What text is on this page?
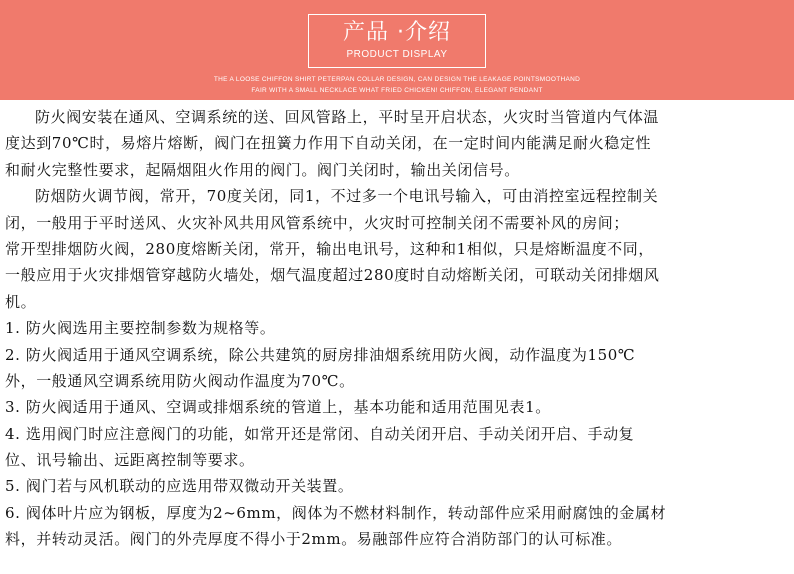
产品 ·介绍
PRODUCT DISPLAY
THE A LOOSE CHIFFON SHIRT PETERPAN COLLAR DESIGN, CAN DESIGN THE LEAKAGE POINTSMOOTHAND
FAIR WITH A SMALL NECKLACE WHAT FRIED CHICKEN! CHIFFON, ELEGANT PENDANT
防火阀安装在通风、空调系统的送、回风管路上，平时呈开启状态，火灾时当管道内气体温
度达到70℃时，易熔片熔断，阀门在扭簧力作用下自动关闭，在一定时间内能满足耐火稳定性
和耐火完整性要求，起隔烟阻火作用的阀门。阀门关闭时，输出关闭信号。
防烟防火调节阀，常开，70度关闭，同1，不过多一个电讯号输入，可由消控室远程控制关
闭，一般用于平时送风、火灾补风共用风管系统中，火灾时可控制关闭不需要补风的房间；
常开型排烟防火阀，280度熔断关闭，常开，输出电讯号，这种和1相似，只是熔断温度不同，
一般应用于火灾排烟管穿越防火墙处，烟气温度超过280度时自动熔断关闭，可联动关闭排烟风
机。
1. 防火阀选用主要控制参数为规格等。
2. 防火阀适用于通风空调系统，除公共建筑的厨房排油烟系统用防火阀，动作温度为150℃
外，一般通风空调系统用防火阀动作温度为70℃。
3. 防火阀适用于通风、空调或排烟系统的管道上，基本功能和适用范围见表1。
4. 选用阀门时应注意阀门的功能，如常开还是常闭、自动关闭开启、手动关闭开启、手动复
位、讯号输出、远距离控制等要求。
5. 阀门若与风机联动的应选用带双微动开关装置。
6. 阀体叶片应为钢板，厚度为2~6mm，阀体为不燃材料制作，转动部件应采用耐腐蚀的金属材
料，并转动灵活。阀门的外壳厚度不得小于2mm。易融部件应符合消防部门的认可标准。
